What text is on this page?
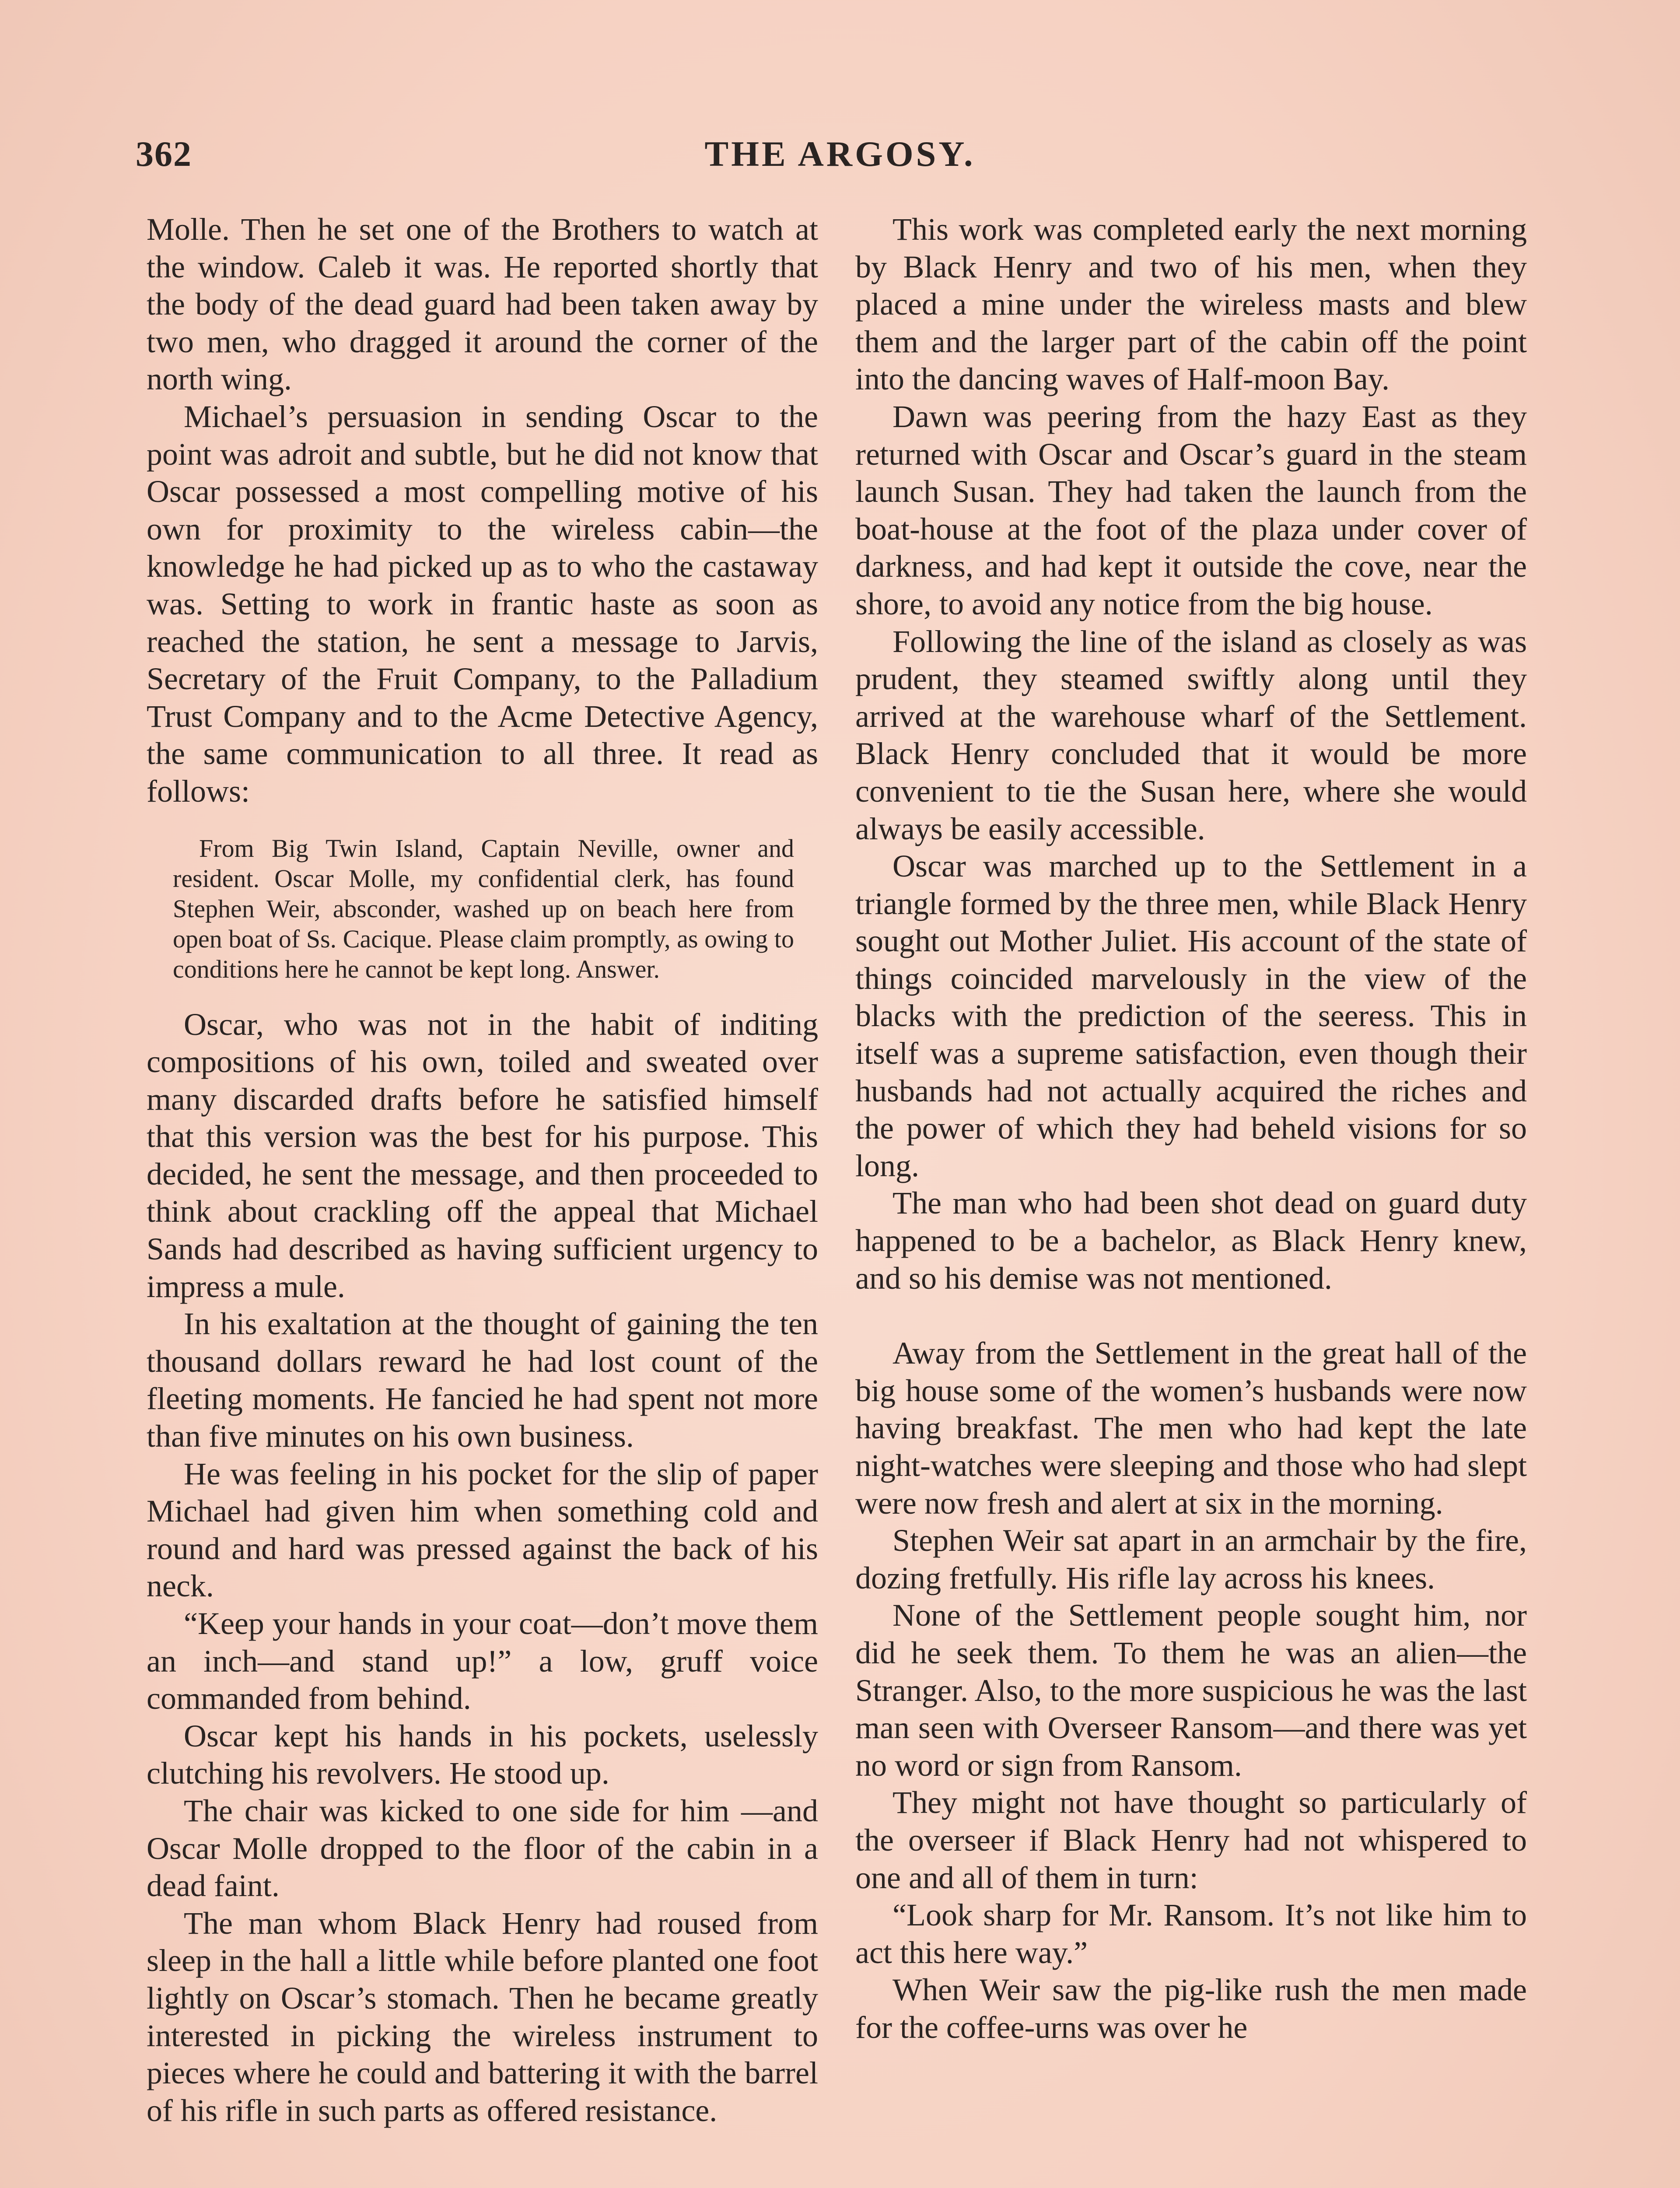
362	THE ARGOSY.

Molle. Then he set one of the Brothers to watch at the window. Caleb it was. He reported shortly that the body of the dead guard had been taken away by two men, who dragged it around the corner of the north wing.

Michael’s persuasion in sending Oscar to the point was adroit and subtle, but he did not know that Oscar possessed a most compelling motive of his own for proximity to the wireless cabin—the knowledge he had picked up as to who the castaway was. Setting to work in frantic haste as soon as reached the station, he sent a message to Jarvis, Secretary of the Fruit Company, to the Palladium Trust Company and to the Acme Detective Agency, the same communication to all three. It read as follows:

From Big Twin Island, Captain Neville, owner and resident. Oscar Molle, my confidential clerk, has found Stephen Weir, absconder, washed up on beach here from open boat of Ss. Cacique. Please claim promptly, as owing to conditions here he cannot be kept long. Answer.

Oscar, who was not in the habit of inditing compositions of his own, toiled and sweated over many discarded drafts before he satisfied himself that this version was the best for his purpose. This decided, he sent the message, and then proceeded to think about crackling off the appeal that Michael Sands had described as having sufficient urgency to impress a mule.

In his exaltation at the thought of gaining the ten thousand dollars reward he had lost count of the fleeting moments. He fancied he had spent not more than five minutes on his own business.

He was feeling in his pocket for the slip of paper Michael had given him when something cold and round and hard was pressed against the back of his neck.

“Keep your hands in your coat—don’t move them an inch—and stand up!” a low, gruff voice commanded from behind.

Oscar kept his hands in his pockets, uselessly clutching his revolvers. He stood up.

The chair was kicked to one side for him —and Oscar Molle dropped to the floor of the cabin in a dead faint.

The man whom Black Henry had roused from sleep in the hall a little while before planted one foot lightly on Oscar’s stomach. Then he became greatly interested in picking the wireless instrument to pieces where he could and battering it with the barrel of his rifle in such parts as offered resistance.

This work was completed early the next morning by Black Henry and two of his men, when they placed a mine under the wireless masts and blew them and the larger part of the cabin off the point into the dancing waves of Half-moon Bay.

Dawn was peering from the hazy East as they returned with Oscar and Oscar’s guard in the steam launch Susan. They had taken the launch from the boat-house at the foot of the plaza under cover of darkness, and had kept it outside the cove, near the shore, to avoid any notice from the big house.

Following the line of the island as closely as was prudent, they steamed swiftly along until they arrived at the warehouse wharf of the Settlement. Black Henry concluded that it would be more convenient to tie the Susan here, where she would always be easily accessible.

Oscar was marched up to the Settlement in a triangle formed by the three men, while Black Henry sought out Mother Juliet. His account of the state of things coincided marvelously in the view of the blacks with the prediction of the seeress. This in itself was a supreme satisfaction, even though their husbands had not actually acquired the riches and the power of which they had beheld visions for so long.

The man who had been shot dead on guard duty happened to be a bachelor, as Black Henry knew, and so his demise was not mentioned.

Away from the Settlement in the great hall of the big house some of the women’s husbands were now having breakfast. The men who had kept the late night-watches were sleeping and those who had slept were now fresh and alert at six in the morning.

Stephen Weir sat apart in an armchair by the fire, dozing fretfully. His rifle lay across his knees.

None of the Settlement people sought him, nor did he seek them. To them he was an alien—the Stranger. Also, to the more suspicious he was the last man seen with Overseer Ransom—and there was yet no word or sign from Ransom.

They might not have thought so particularly of the overseer if Black Henry had not whispered to one and all of them in turn:

“Look sharp for Mr. Ransom. It’s not like him to act this here way.”

When Weir saw the pig-like rush the men made for the coffee-urns was over he
